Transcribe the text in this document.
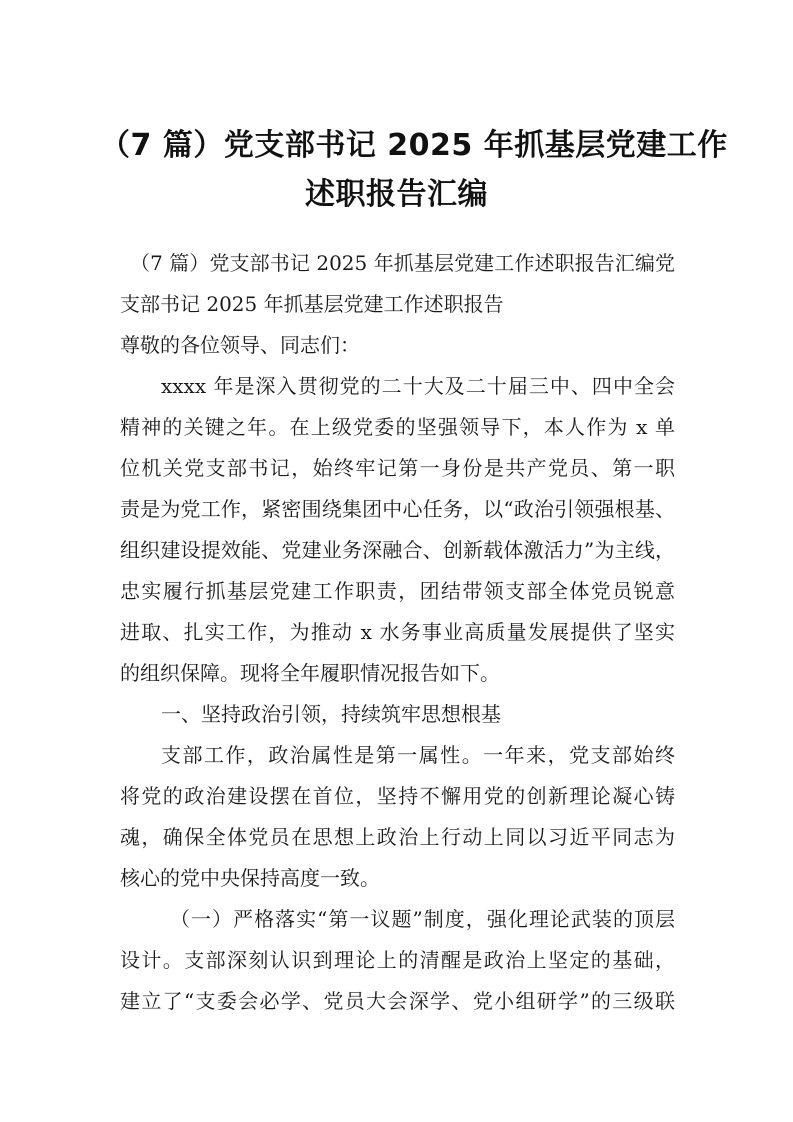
（7 篇）党支部书记 2025 年抓基层党建工作
述职报告汇编

（7 篇）党支部书记 2025 年抓基层党建工作述职报告汇编党

支部书记 2025 年抓基层党建工作述职报告

尊敬的各位领导、同志们：

xxxx 年是深入贯彻党的二十大及二十届三中、四中全会

精神的关键之年。在上级党委的坚强领导下，本人作为 x 单

位机关党支部书记，始终牢记第一身份是共产党员、第一职

责是为党工作，紧密围绕集团中心任务，以“政治引领强根基、

组织建设提效能、党建业务深融合、创新载体激活力”为主线，

忠实履行抓基层党建工作职责，团结带领支部全体党员锐意

进取、扎实工作，为推动 x 水务事业高质量发展提供了坚实

的组织保障。现将全年履职情况报告如下。

一、坚持政治引领，持续筑牢思想根基

支部工作，政治属性是第一属性。一年来，党支部始终

将党的政治建设摆在首位，坚持不懈用党的创新理论凝心铸

魂，确保全体党员在思想上政治上行动上同以习近平同志为

核心的党中央保持高度一致。

（一）严格落实“第一议题”制度，强化理论武装的顶层

设计。支部深刻认识到理论上的清醒是政治上坚定的基础，

建立了“支委会必学、党员大会深学、党小组研学”的三级联
